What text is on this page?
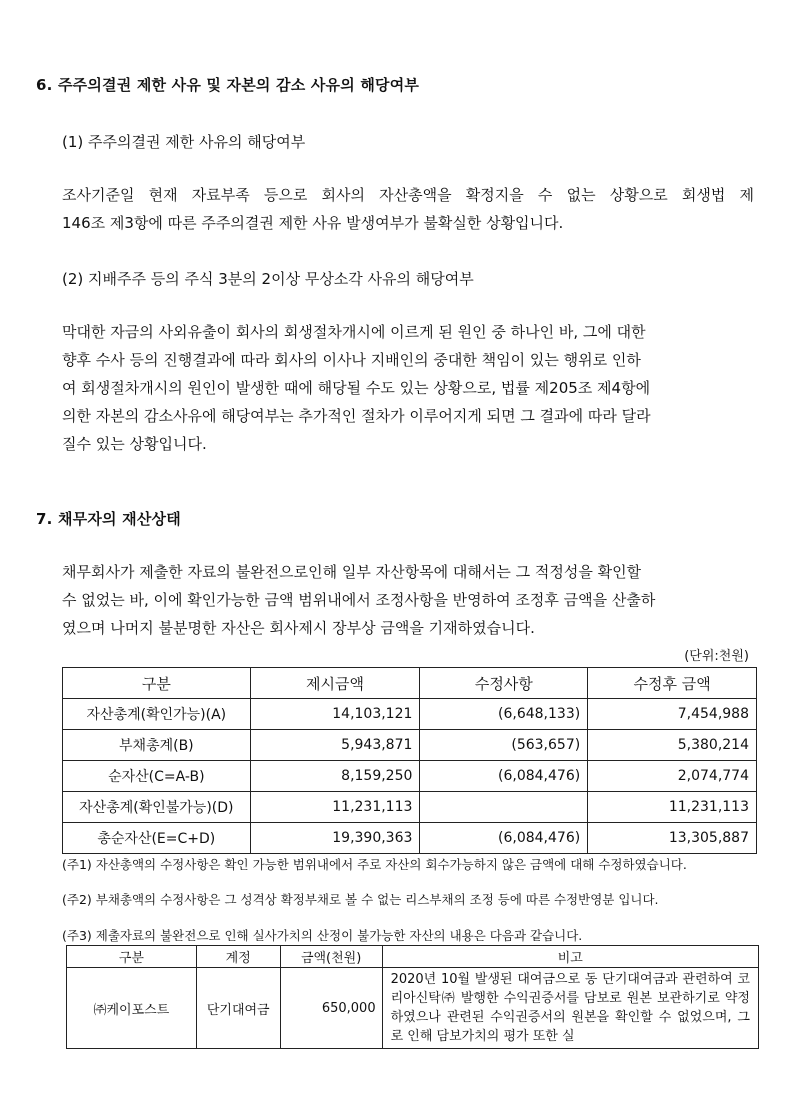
6. 주주의결권 제한 사유 및 자본의 감소 사유의 해당여부
(1) 주주의결권 제한 사유의 해당여부
조사기준일 현재 자료부족 등으로 회사의 자산총액을 확정지을 수 없는 상황으로 회생법 제
146조 제3항에 따른 주주의결권 제한 사유 발생여부가 불확실한 상황입니다.
(2) 지배주주 등의 주식 3분의 2이상 무상소각 사유의 해당여부
막대한 자금의 사외유출이 회사의 회생절차개시에 이르게 된 원인 중 하나인 바, 그에 대한
향후 수사 등의 진행결과에 따라 회사의 이사나 지배인의 중대한 책임이 있는 행위로 인하
여 회생절차개시의 원인이 발생한 때에 해당될 수도 있는 상황으로, 법률 제205조 제4항에
의한 자본의 감소사유에 해당여부는 추가적인 절차가 이루어지게 되면 그 결과에 따라 달라
질수 있는 상황입니다.
7. 채무자의 재산상태
채무회사가 제출한 자료의 불완전으로인해 일부 자산항목에 대해서는 그 적정성을 확인할
수 없었는 바, 이에 확인가능한 금액 범위내에서 조정사항을 반영하여 조정후 금액을 산출하
였으며 나머지 불분명한 자산은 회사제시 장부상 금액을 기재하였습니다.
(단위:천원)
구분	제시금액	수정사항	수정후 금액
자산총계(확인가능)(A)	14,103,121	(6,648,133)	7,454,988
부채총계(B)	5,943,871	(563,657)	5,380,214
순자산(C=A-B)	8,159,250	(6,084,476)	2,074,774
자산총계(확인불가능)(D)	11,231,113		11,231,113
총순자산(E=C+D)	19,390,363	(6,084,476)	13,305,887
(주1) 자산총액의 수정사항은 확인 가능한 범위내에서 주로 자산의 회수가능하지 않은 금액에 대해 수정하였습니다.
(주2) 부채총액의 수정사항은 그 성격상 확정부채로 볼 수 없는 리스부채의 조정 등에 따른 수정반영분 입니다.
(주3) 제출자료의 불완전으로 인해 실사가치의 산정이 불가능한 자산의 내용은 다음과 같습니다.
구분	계정	금액(천원)	비고
㈜케이포스트	단기대여금	650,000	2020년 10월 발생된 대여금으로 동 단기대여금과 관련하여 코리아신탁㈜ 발행한 수익권증서를 담보로 원본 보관하기로 약정하였으나 관련된 수익권증서의 원본을 확인할 수 없었으며, 그로 인해 담보가치의 평가 또한 실
